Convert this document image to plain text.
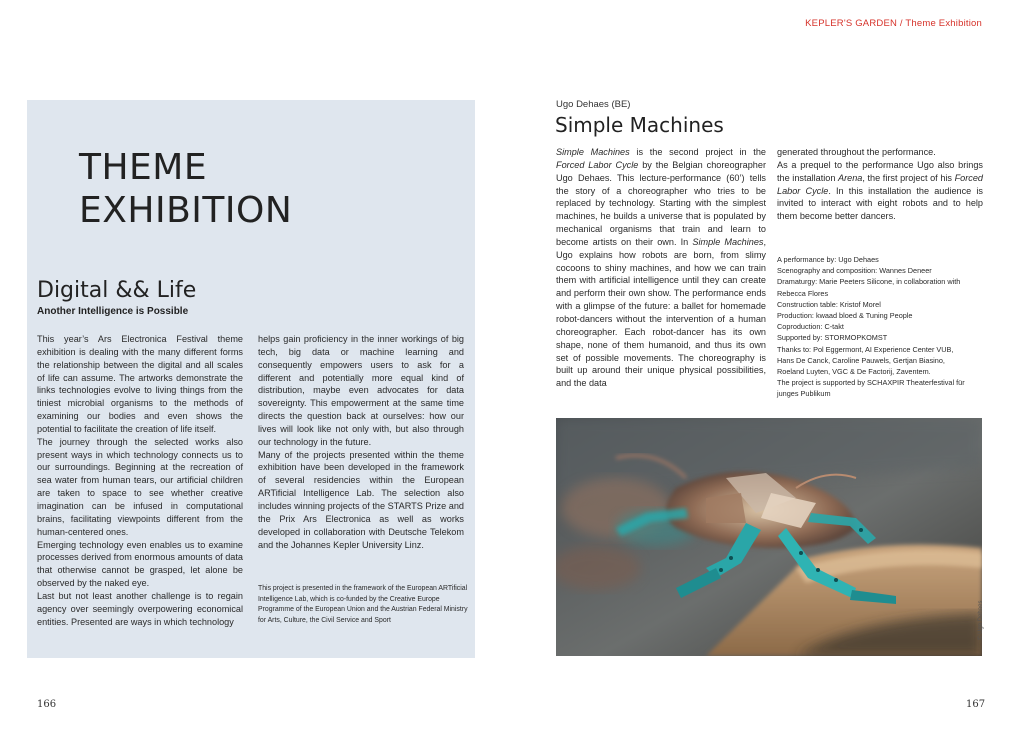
KEPLER'S GARDEN / Theme Exhibition
THEME
EXHIBITION
Digital && Life
Another Intelligence is Possible

This year’s Ars Electronica Festival theme exhibition is dealing with the many different forms the relationship between the digital and all scales of life can assume. The artworks demonstrate the links technologies evolve to living things from the tiniest microbial organisms to the methods of examining our bodies and even shows the potential to facilitate the creation of life itself.

The journey through the selected works also present ways in which technology connects us to our surroundings. Beginning at the recreation of sea water from human tears, our artificial children are taken to space to see whether creative imagination can be infused in computational brains, facilitating viewpoints different from the human-centered ones.

Emerging technology even enables us to examine processes derived from enormous amounts of data that otherwise cannot be grasped, let alone be observed by the naked eye.

Last but not least another challenge is to regain agency over seemingly overpowering economical entities. Presented are ways in which technology

helps gain proficiency in the inner workings of big tech, big data or machine learning and consequently empowers users to ask for a different and potentially more equal kind of distribution, maybe even advocates for data sovereignty. This empowerment at the same time directs the question back at ourselves: how our lives will look like not only with, but also through our technology in the future.

Many of the projects presented within the theme exhibition have been developed in the framework of several residencies within the European ARTificial Intelligence Lab. The selection also includes winning projects of the STARTS Prize and the Prix Ars Electronica as well as works developed in collaboration with Deutsche Telekom and the Johannes Kepler University Linz.

This project is presented in the framework of the European ARTificial Intelligence Lab, which is co-funded by the Creative Europe Programme of the European Union and the Austrian Federal Ministry for Arts, Culture, the Civil Service and Sport
166
Ugo Dehaes (BE)
Simple Machines

Simple Machines is the second project in the Forced Labor Cycle by the Belgian choreographer Ugo Dehaes. This lecture-performance (60’) tells the story of a choreographer who tries to be replaced by technology. Starting with the simplest machines, he builds a universe that is populated by mechanical organisms that train and learn to become artists on their own. In Simple Machines, Ugo explains how robots are born, from slimy cocoons to shiny machines, and how we can train them with artificial intelligence until they can create and perform their own show. The performance ends with a glimpse of the future: a ballet for homemade robot-dancers without the intervention of a human choreographer. Each robot-dancer has its own shape, none of them humanoid, and thus its own set of possible movements. The choreography is built up around their unique physical possibilities, and the data

generated throughout the performance.

As a prequel to the performance Ugo also brings the installation Arena, the first project of his Forced Labor Cycle. In this installation the audience is invited to interact with eight robots and to help them become better dancers.

A performance by: Ugo Dehaes
Scenography and composition: Wannes Deneer
Dramaturgy: Marie Peeters Silicone, in collaboration with
Rebecca Flores
Construction table: Kristof Morel
Production: kwaad bloed & Tuning People
Coproduction: C-takt
Supported by: STORMOPKOMST
Thanks to: Pol Eggermont, AI Experience Center VUB,
Hans De Canck, Caroline Pauwels, Gertjan Biasino,
Roeland Luyten, VGC & De Factorij, Zaventem.
The project is supported by SCHAXPIR Theaterfestival für
junges Publikum
© Ugo Dehaes
167
